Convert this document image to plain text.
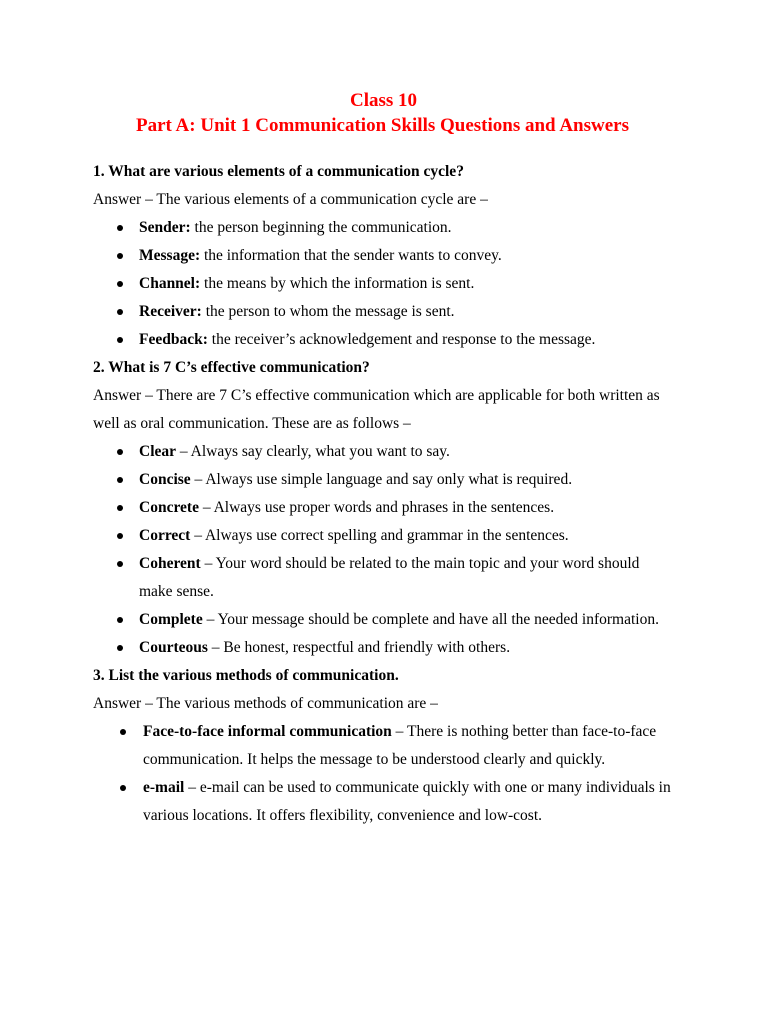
Class 10
Part A: Unit 1 Communication Skills Questions and Answers
1. What are various elements of a communication cycle?
Answer – The various elements of a communication cycle are –
Sender: the person beginning the communication.
Message: the information that the sender wants to convey.
Channel: the means by which the information is sent.
Receiver: the person to whom the message is sent.
Feedback: the receiver’s acknowledgement and response to the message.
2. What is 7 C’s effective communication?
Answer – There are 7 C’s effective communication which are applicable for both written as well as oral communication. These are as follows –
Clear – Always say clearly, what you want to say.
Concise – Always use simple language and say only what is required.
Concrete – Always use proper words and phrases in the sentences.
Correct – Always use correct spelling and grammar in the sentences.
Coherent – Your word should be related to the main topic and your word should make sense.
Complete – Your message should be complete and have all the needed information.
Courteous – Be honest, respectful and friendly with others.
3. List the various methods of communication.
Answer – The various methods of communication are –
Face-to-face informal communication – There is nothing better than face-to-face communication. It helps the message to be understood clearly and quickly.
e-mail – e-mail can be used to communicate quickly with one or many individuals in various locations. It offers flexibility, convenience and low-cost.
